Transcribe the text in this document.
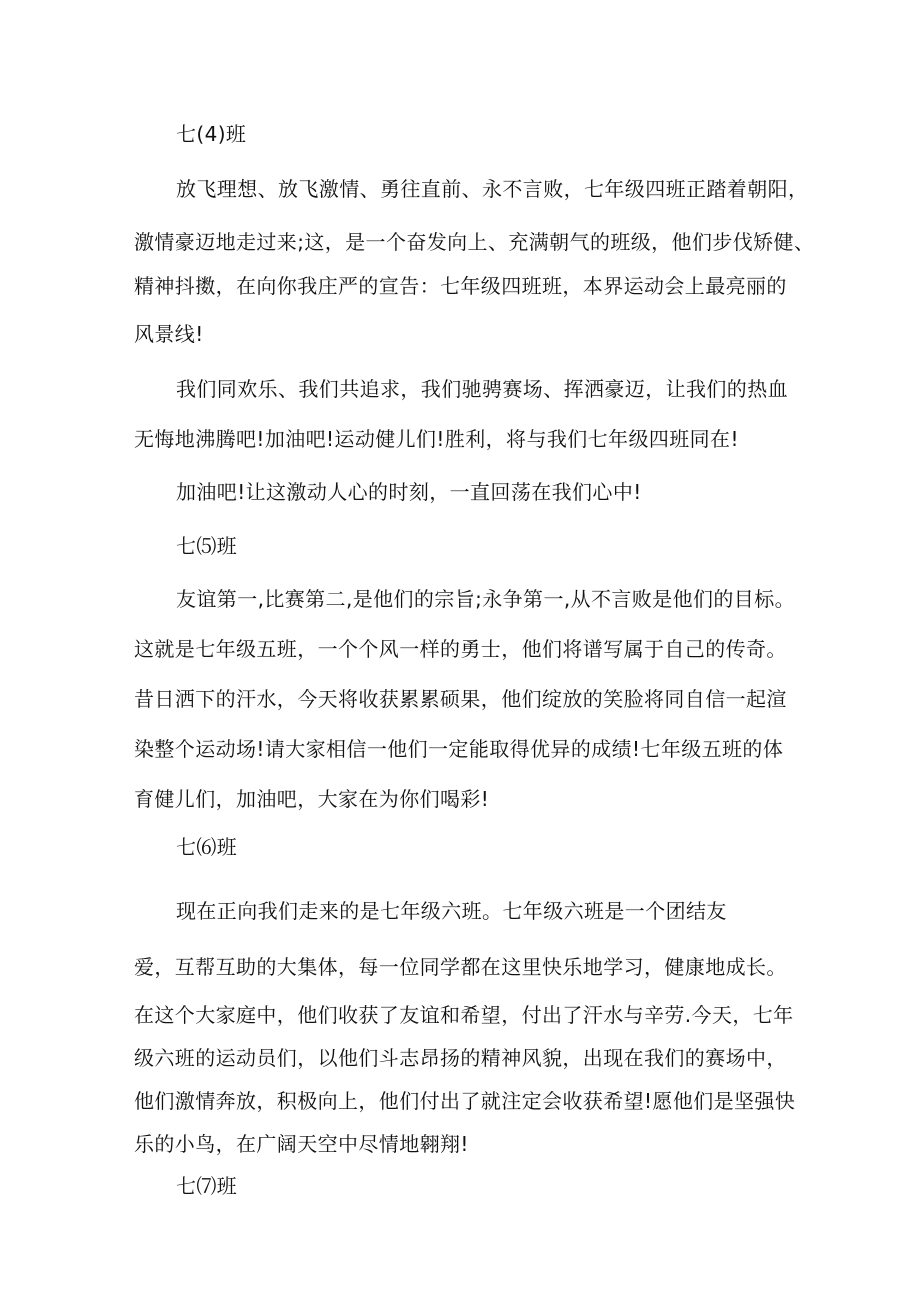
七(4)班
放飞理想、放飞激情、勇往直前、永不言败，七年级四班正踏着朝阳，
激情豪迈地走过来;这，是一个奋发向上、充满朝气的班级，他们步伐矫健、
精神抖擞，在向你我庄严的宣告：七年级四班班，本界运动会上最亮丽的
风景线!
我们同欢乐、我们共追求，我们驰骋赛场、挥洒豪迈，让我们的热血
无悔地沸腾吧!加油吧!运动健儿们!胜利，将与我们七年级四班同在!
加油吧!让这激动人心的时刻，一直回荡在我们心中!
七⑸班
友谊第一,比赛第二,是他们的宗旨;永争第一,从不言败是他们的目标。
这就是七年级五班，一个个风一样的勇士，他们将谱写属于自己的传奇。
昔日洒下的汗水，今天将收获累累硕果，他们绽放的笑脸将同自信一起渲
染整个运动场!请大家相信一他们一定能取得优异的成绩!七年级五班的体
育健儿们，加油吧，大家在为你们喝彩!
七⑹班
现在正向我们走来的是七年级六班。七年级六班是一个团结友
爱，互帮互助的大集体，每一位同学都在这里快乐地学习，健康地成长。
在这个大家庭中，他们收获了友谊和希望，付出了汗水与辛劳.今天，七年
级六班的运动员们，以他们斗志昂扬的精神风貌，出现在我们的赛场中，
他们激情奔放，积极向上，他们付出了就注定会收获希望!愿他们是坚强快
乐的小鸟，在广阔天空中尽情地翱翔!
七⑺班
